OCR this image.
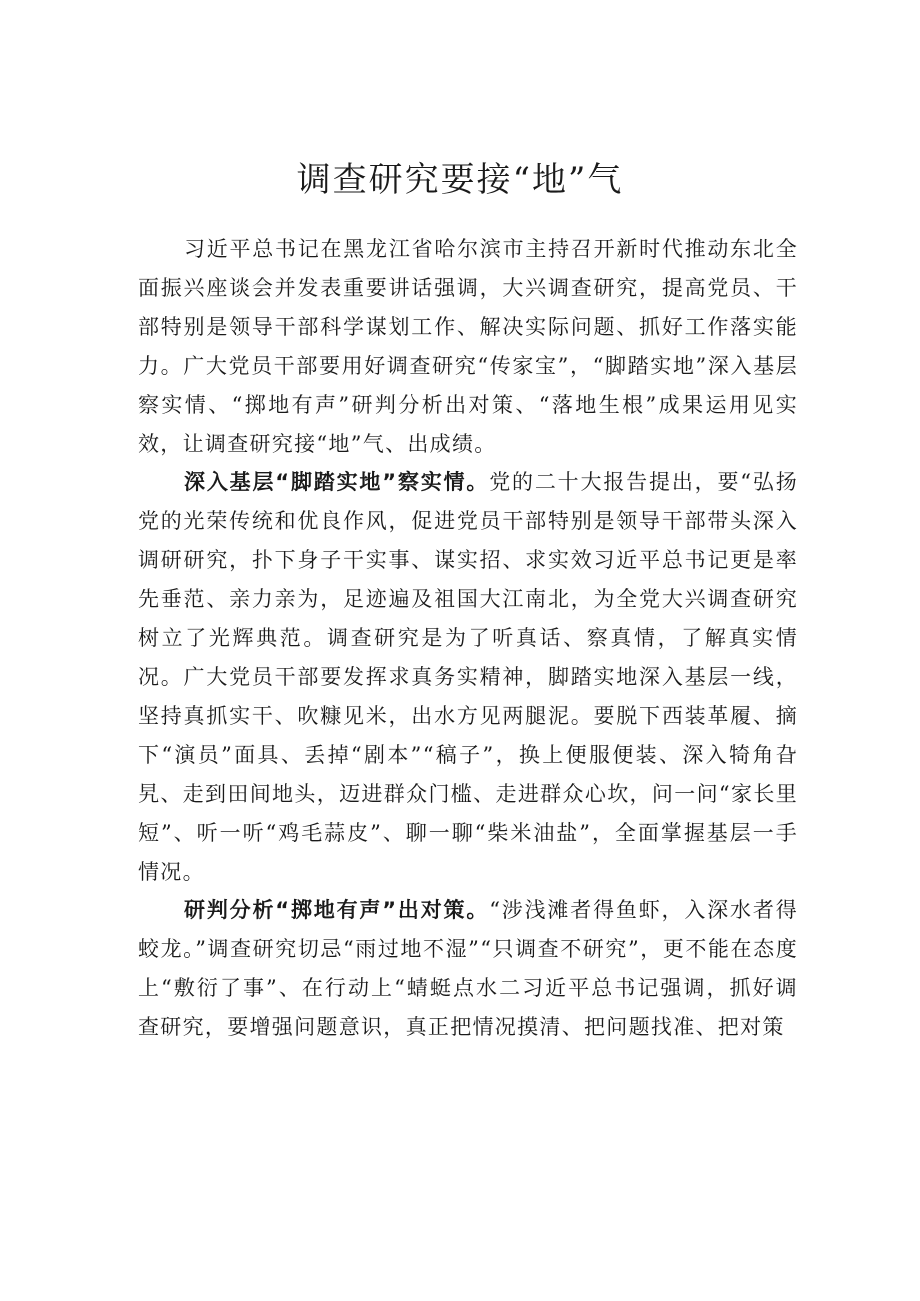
调查研究要接“地”气

习近平总书记在黑龙江省哈尔滨市主持召开新时代推动东北全面振兴座谈会并发表重要讲话强调，大兴调查研究，提高党员、干部特别是领导干部科学谋划工作、解决实际问题、抓好工作落实能力。广大党员干部要用好调查研究“传家宝”，“脚踏实地”深入基层察实情、“掷地有声”研判分析出对策、“落地生根”成果运用见实效，让调查研究接“地”气、出成绩。

深入基层“脚踏实地”察实情。党的二十大报告提出，要“弘扬党的光荣传统和优良作风，促进党员干部特别是领导干部带头深入调研研究，扑下身子干实事、谋实招、求实效习近平总书记更是率先垂范、亲力亲为，足迹遍及祖国大江南北，为全党大兴调查研究树立了光辉典范。调查研究是为了听真话、察真情，了解真实情况。广大党员干部要发挥求真务实精神，脚踏实地深入基层一线，坚持真抓实干、吹糠见米，出水方见两腿泥。要脱下西装革履、摘下“演员”面具、丢掉“剧本”“稿子”，换上便服便装、深入犄角旮旯、走到田间地头，迈进群众门槛、走进群众心坎，问一问“家长里短”、听一听“鸡毛蒜皮”、聊一聊“柴米油盐”，全面掌握基层一手情况。

研判分析“掷地有声”出对策。“涉浅滩者得鱼虾，入深水者得蛟龙。”调查研究切忌“雨过地不湿”“只调查不研究”，更不能在态度上“敷衍了事”、在行动上“蜻蜓点水二习近平总书记强调，抓好调查研究，要增强问题意识，真正把情况摸清、把问题找准、把对策
